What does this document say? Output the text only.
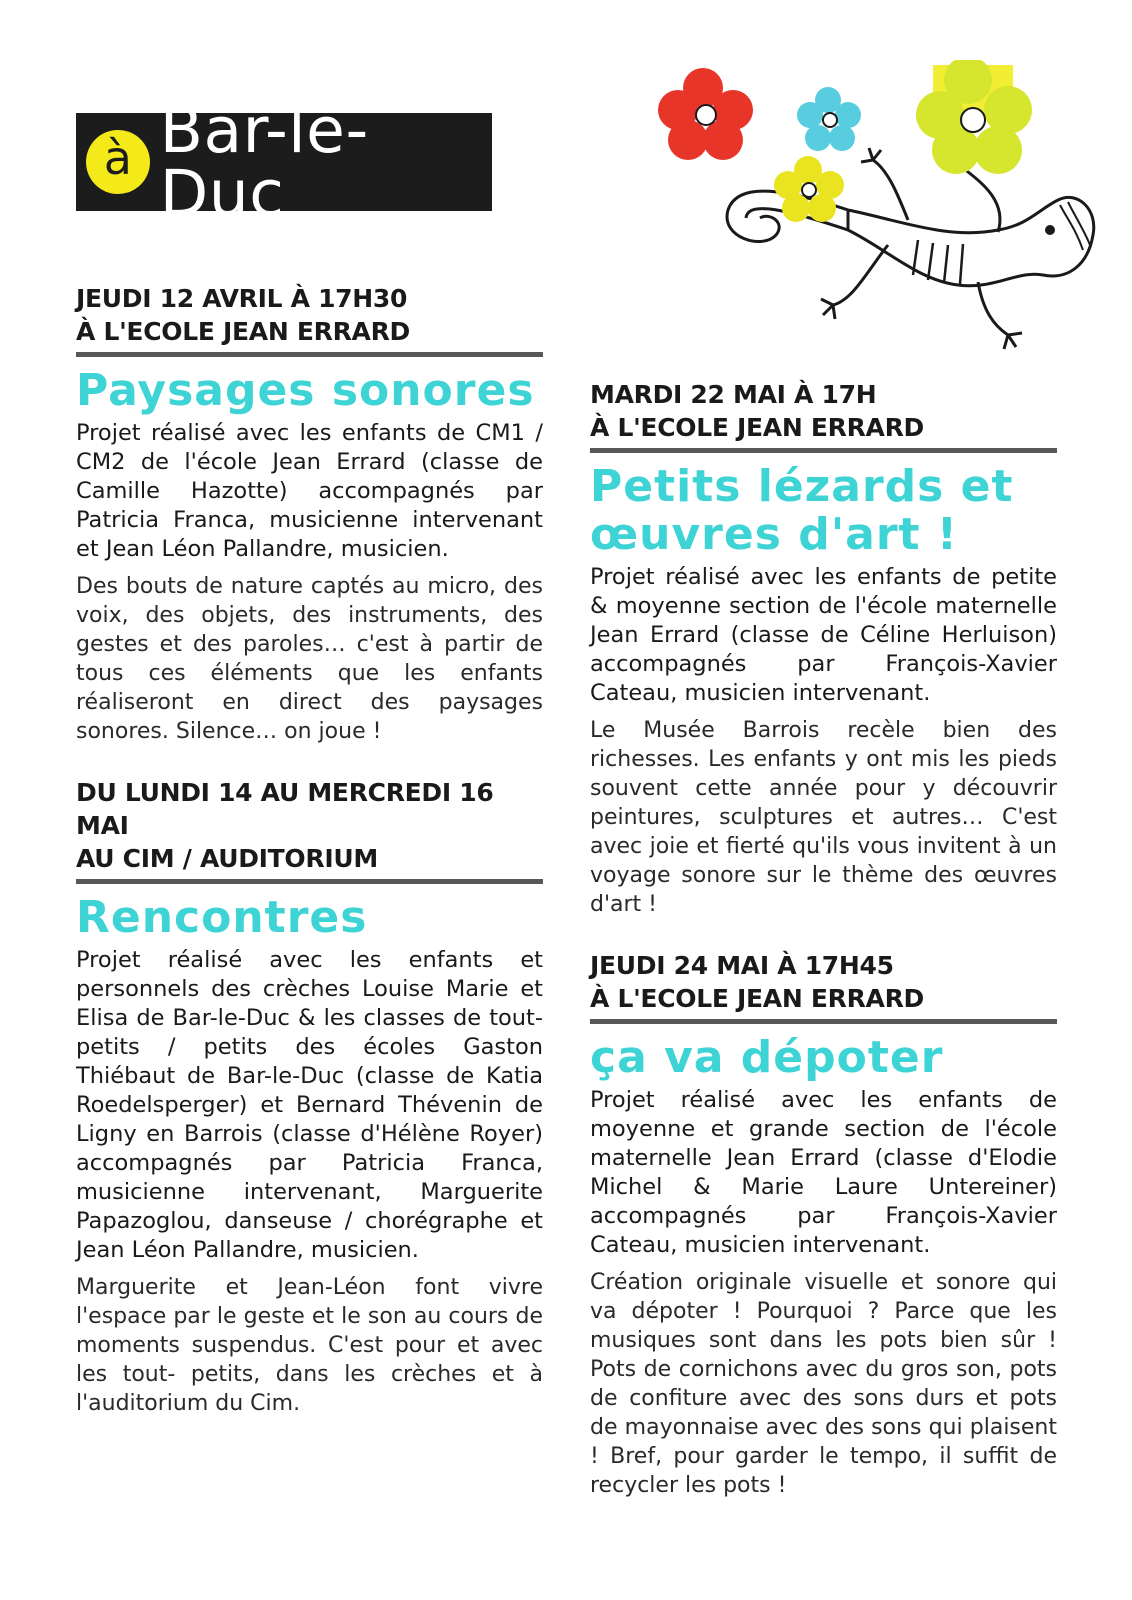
à Bar-le-Duc
JEUDI 12 AVRIL À 17H30
À L'ECOLE JEAN ERRARD
Paysages sonores
Projet réalisé avec les enfants de CM1 / CM2 de l'école Jean Errard (classe de Camille Hazotte) accompagnés par Patricia Franca, musicienne intervenant et Jean Léon Pallandre, musicien.
Des bouts de nature captés au micro, des voix, des objets, des instruments, des gestes et des paroles… c'est à partir de tous ces éléments que les enfants réaliseront en direct des paysages sonores. Silence… on joue !
DU LUNDI 14 AU MERCREDI 16 MAI
AU CIM / AUDITORIUM
Rencontres
Projet réalisé avec les enfants et personnels des crèches Louise Marie et Elisa de Bar-le-Duc & les classes de tout-petits / petits des écoles Gaston Thiébaut de Bar-le-Duc (classe de Katia Roedelsperger) et Bernard Thévenin de Ligny en Barrois (classe d'Hélène Royer) accompagnés par Patricia Franca, musicienne intervenant, Marguerite Papazoglou, danseuse / chorégraphe et Jean Léon Pallandre, musicien.
Marguerite et Jean-Léon font vivre l'espace par le geste et le son au cours de moments suspendus. C'est pour et avec les tout- petits, dans les crèches et à l'auditorium du Cim.
MARDI 22 MAI À 17H
À L'ECOLE JEAN ERRARD
Petits lézards et œuvres d'art !
Projet réalisé avec les enfants de petite & moyenne section de l'école maternelle Jean Errard (classe de Céline Herluison) accompagnés par François-Xavier Cateau, musicien intervenant.
Le Musée Barrois recèle bien des richesses. Les enfants y ont mis les pieds souvent cette année pour y découvrir peintures, sculptures et autres… C'est avec joie et fierté qu'ils vous invitent à un voyage sonore sur le thème des œuvres d'art !
JEUDI 24 MAI À 17H45
À L'ECOLE JEAN ERRARD
ça va dépoter
Projet réalisé avec les enfants de moyenne et grande section de l'école maternelle Jean Errard (classe d'Elodie Michel & Marie Laure Untereiner) accompagnés par François-Xavier Cateau, musicien intervenant.
Création originale visuelle et sonore qui va dépoter ! Pourquoi ? Parce que les musiques sont dans les pots bien sûr ! Pots de cornichons avec du gros son, pots de confiture avec des sons durs et pots de mayonnaise avec des sons qui plaisent ! Bref, pour garder le tempo, il suffit de recycler les pots !
